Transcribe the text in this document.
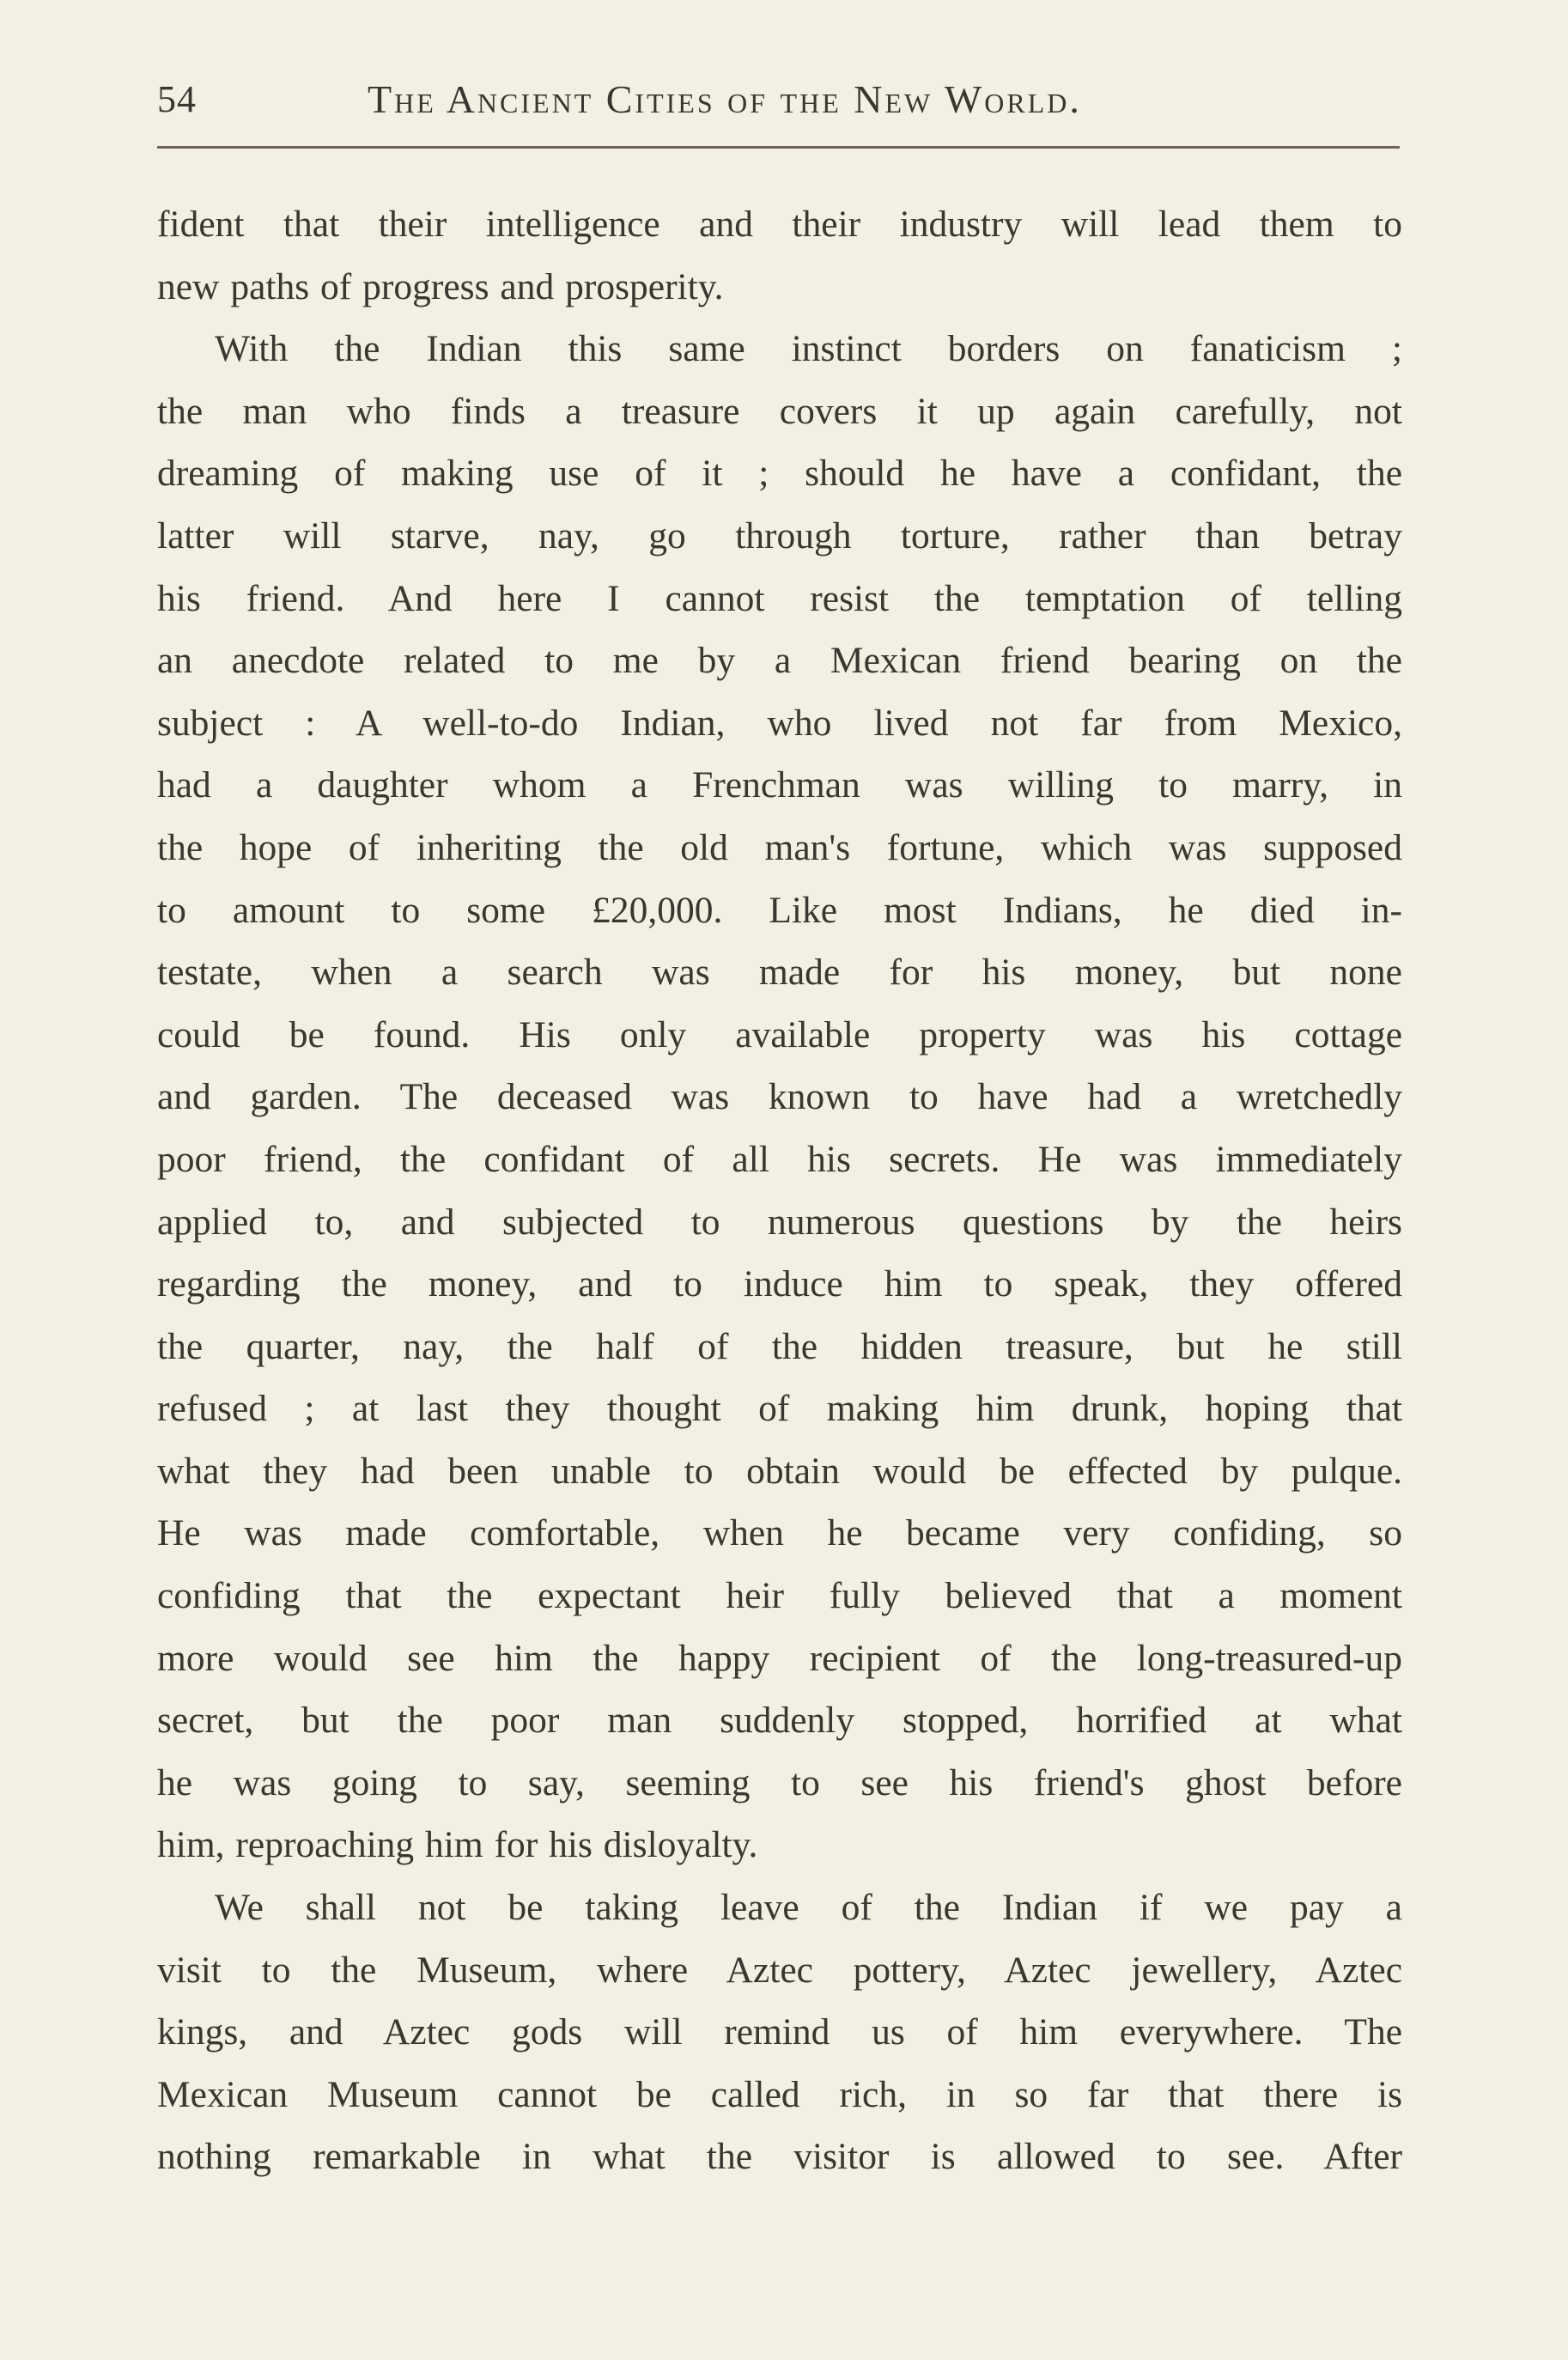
54	The Ancient Cities of the New World.
fident that their intelligence and their industry will lead them to
new paths of progress and prosperity.
With the Indian this same instinct borders on fanaticism ;
the man who finds a treasure covers it up again carefully, not
dreaming of making use of it ; should he have a confidant, the
latter will starve, nay, go through torture, rather than betray
his friend. And here I cannot resist the temptation of telling
an anecdote related to me by a Mexican friend bearing on the
subject : A well-to-do Indian, who lived not far from Mexico,
had a daughter whom a Frenchman was willing to marry, in
the hope of inheriting the old man's fortune, which was supposed
to amount to some £20,000. Like most Indians, he died in-
testate, when a search was made for his money, but none
could be found. His only available property was his cottage
and garden. The deceased was known to have had a wretchedly
poor friend, the confidant of all his secrets. He was immediately
applied to, and subjected to numerous questions by the heirs
regarding the money, and to induce him to speak, they offered
the quarter, nay, the half of the hidden treasure, but he still
refused ; at last they thought of making him drunk, hoping that
what they had been unable to obtain would be effected by pulque.
He was made comfortable, when he became very confiding, so
confiding that the expectant heir fully believed that a moment
more would see him the happy recipient of the long-treasured-up
secret, but the poor man suddenly stopped, horrified at what
he was going to say, seeming to see his friend's ghost before
him, reproaching him for his disloyalty.
We shall not be taking leave of the Indian if we pay a
visit to the Museum, where Aztec pottery, Aztec jewellery, Aztec
kings, and Aztec gods will remind us of him everywhere. The
Mexican Museum cannot be called rich, in so far that there is
nothing remarkable in what the visitor is allowed to see. After
